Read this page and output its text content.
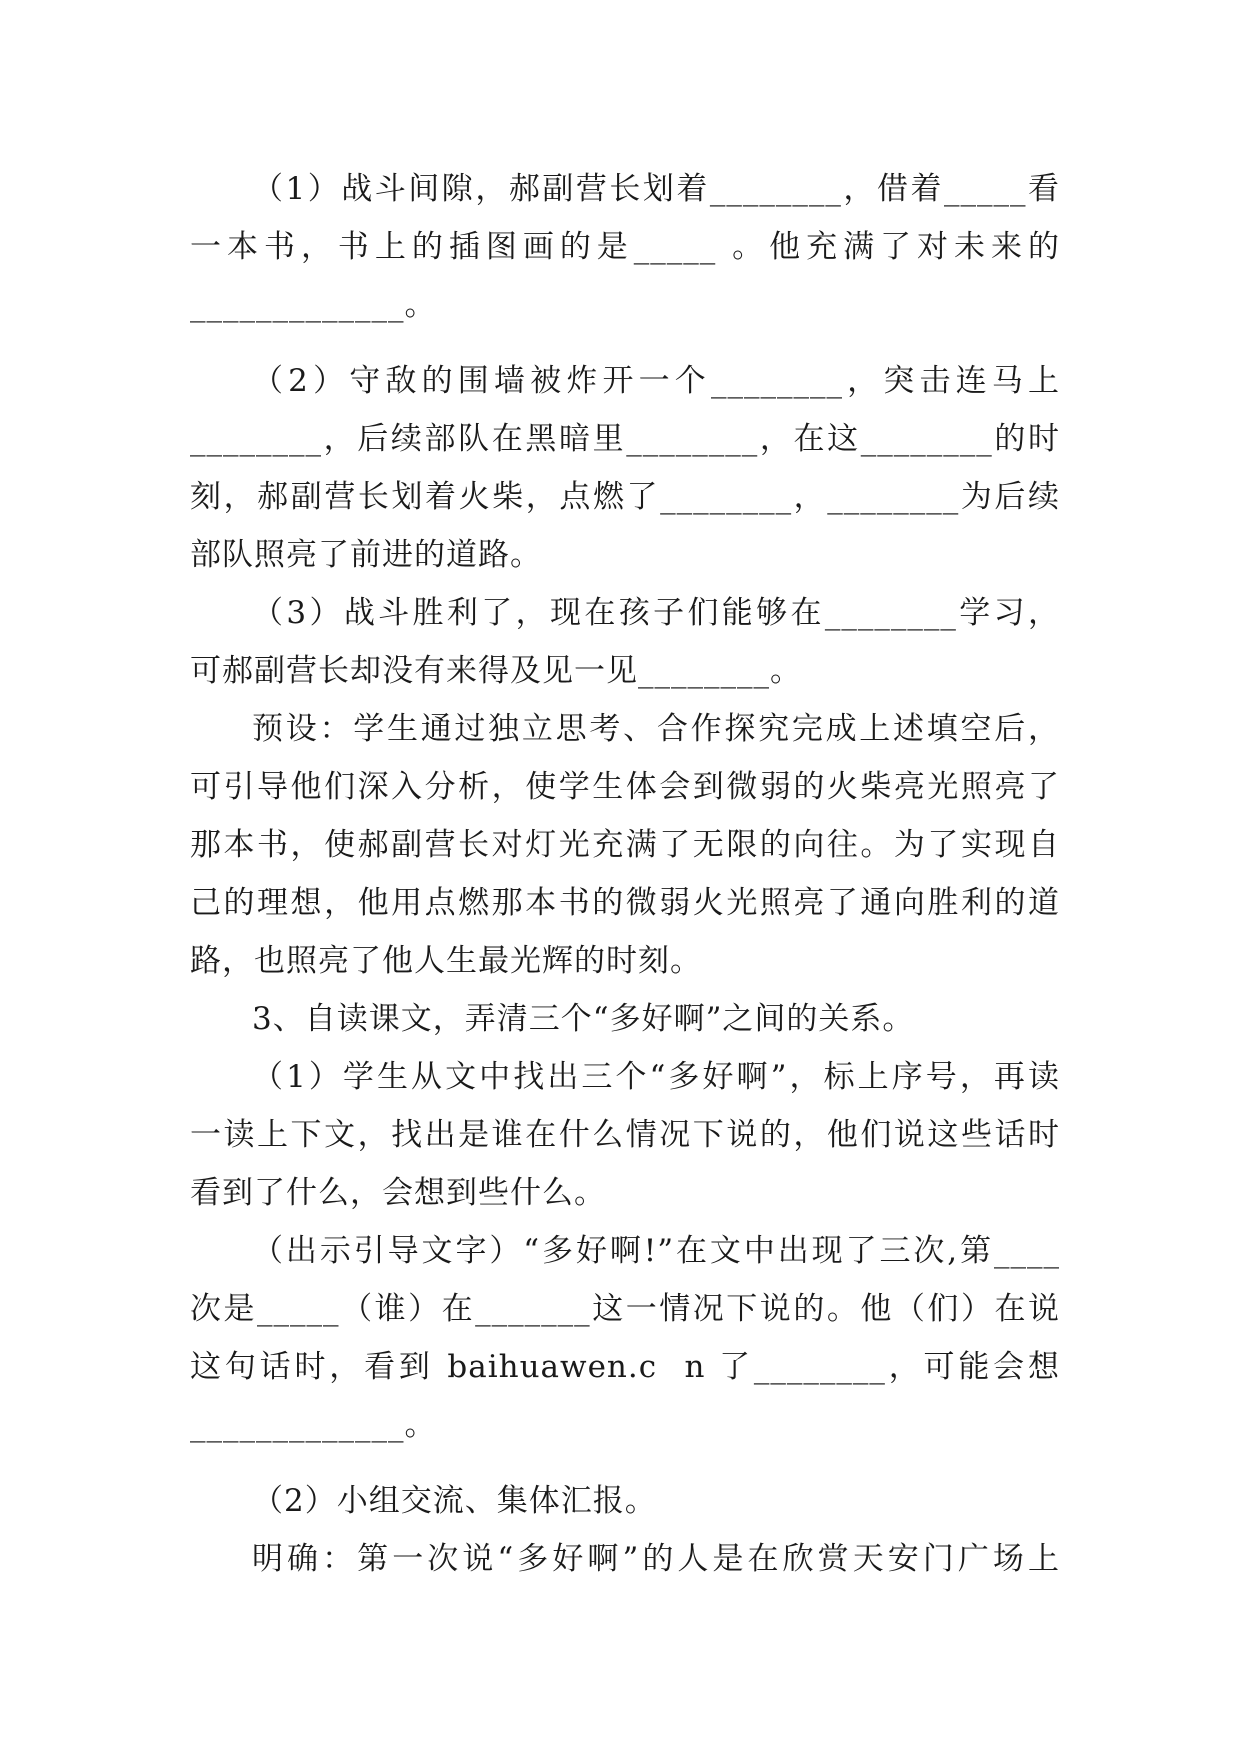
（1）战斗间隙，郝副营长划着________，借着_____看
一本书，书上的插图画的是_____ 。他充满了对未来的
_____________。
（2）守敌的围墙被炸开一个________，突击连马上
________，后续部队在黑暗里________，在这________的时
刻，郝副营长划着火柴，点燃了________，________为后续
部队照亮了前进的道路。
（3）战斗胜利了，现在孩子们能够在________学习，
可郝副营长却没有来得及见一见________。
预设：学生通过独立思考、合作探究完成上述填空后，
可引导他们深入分析，使学生体会到微弱的火柴亮光照亮了
那本书，使郝副营长对灯光充满了无限的向往。为了实现自
己的理想，他用点燃那本书的微弱火光照亮了通向胜利的道
路，也照亮了他人生最光辉的时刻。
3、自读课文，弄清三个“多好啊”之间的关系。
（1）学生从文中找出三个“多好啊”，标上序号，再读
一读上下文，找出是谁在什么情况下说的，他们说这些话时
看到了什么，会想到些什么。
（出示引导文字）“多好啊!”在文中出现了三次,第____
次是_____（谁）在_______这一情况下说的。他（们）在说
这句话时，看到 baihuawen.c  n 了________，可能会想
_____________。
（2）小组交流、集体汇报。
明确：第一次说“多好啊”的人是在欣赏天安门广场上
